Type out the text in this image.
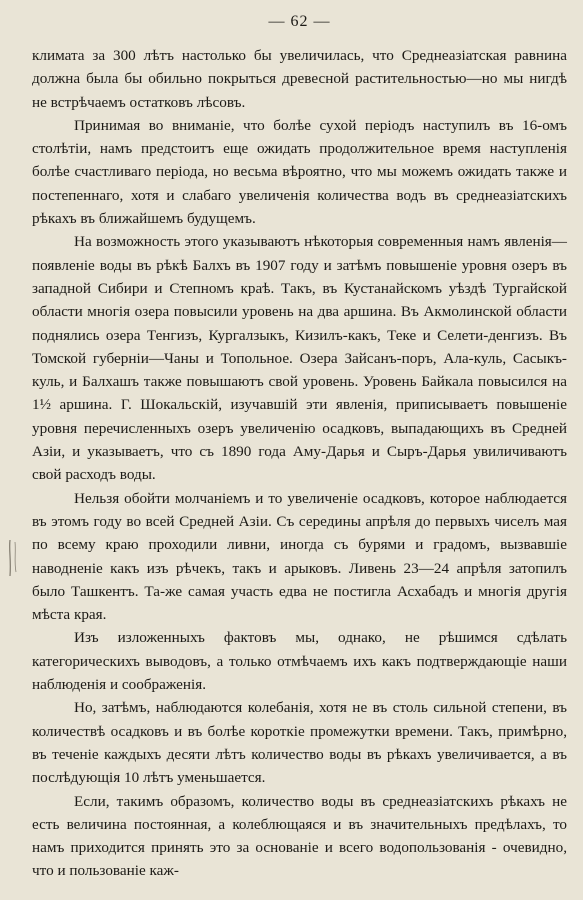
— 62 —

климата за 300 лѣтъ настолько бы увеличилась, что Среднеазіатская равнина должна была бы обильно покрыться древесной растительностью—но мы нигдѣ не встрѣчаемъ остатковъ лѣсовъ.

Принимая во вниманіе, что болѣе сухой періодъ наступилъ въ 16-омъ столѣтіи, намъ предстоитъ еще ожидать продолжительное время наступленія болѣе счастливаго періода, но весьма вѣроятно, что мы можемъ ожидать также и постепеннаго, хотя и слабаго увеличенія количества водъ въ среднеазіатскихъ рѣкахъ въ ближайшемъ будущемъ.

На возможность этого указываютъ нѣкоторыя современныя намъ явленія—появленіе воды въ рѣкѣ Балхъ въ 1907 году и затѣмъ повышеніе уровня озеръ въ западной Сибири и Степномъ краѣ. Такъ, въ Кустанайскомъ уѣздѣ Тургайской области многія озера повысили уровень на два аршина. Въ Акмолинской области поднялись озера Тенгизъ, Кургалзыкъ, Кизилъ-какъ, Теке и Селети-денгизъ. Въ Томской губерніи—Чаны и Топольное. Озера Зайсанъ-поръ, Ала-куль, Сасыкъ-куль, и Балхашъ также повышаютъ свой уровень. Уровень Байкала повысился на 1½ аршина. Г. Шокальскій, изучавшій эти явленія, приписываетъ повышеніе уровня перечисленныхъ озеръ увеличенію осадковъ, выпадающихъ въ Средней Азіи, и указываетъ, что съ 1890 года Аму-Дарья и Сыръ-Дарья увиличиваютъ свой расходъ воды.

Нельзя обойти молчаніемъ и то увеличеніе осадковъ, которое наблюдается въ этомъ году во всей Средней Азіи. Съ середины апрѣля до первыхъ чиселъ мая по всему краю проходили ливни, иногда съ бурями и градомъ, вызвавшіе наводненіе какъ изъ рѣчекъ, такъ и арыковъ. Ливень 23—24 апрѣля затопилъ было Ташкентъ. Та-же самая участь едва не постигла Асхабадъ и многія другія мѣста края.

Изъ изложенныхъ фактовъ мы, однако, не рѣшимся сдѣлать категорическихъ выводовъ, а только отмѣчаемъ ихъ какъ подтверждающіе наши наблюденія и соображенія.

Но, затѣмъ, наблюдаются колебанія, хотя не въ столь сильной степени, въ количествѣ осадковъ и въ болѣе короткіе промежутки времени. Такъ, примѣрно, въ теченіе каждыхъ десяти лѣтъ количество воды въ рѣкахъ увеличивается, а въ послѣдующія 10 лѣтъ уменьшается.

Если, такимъ образомъ, количество воды въ среднеазіатскихъ рѣкахъ не есть величина постоянная, а колеблющаяся и въ значительныхъ предѣлахъ, то намъ приходится принять это за основаніе и всего водопользованія - очевидно, что и пользованіе каж-
